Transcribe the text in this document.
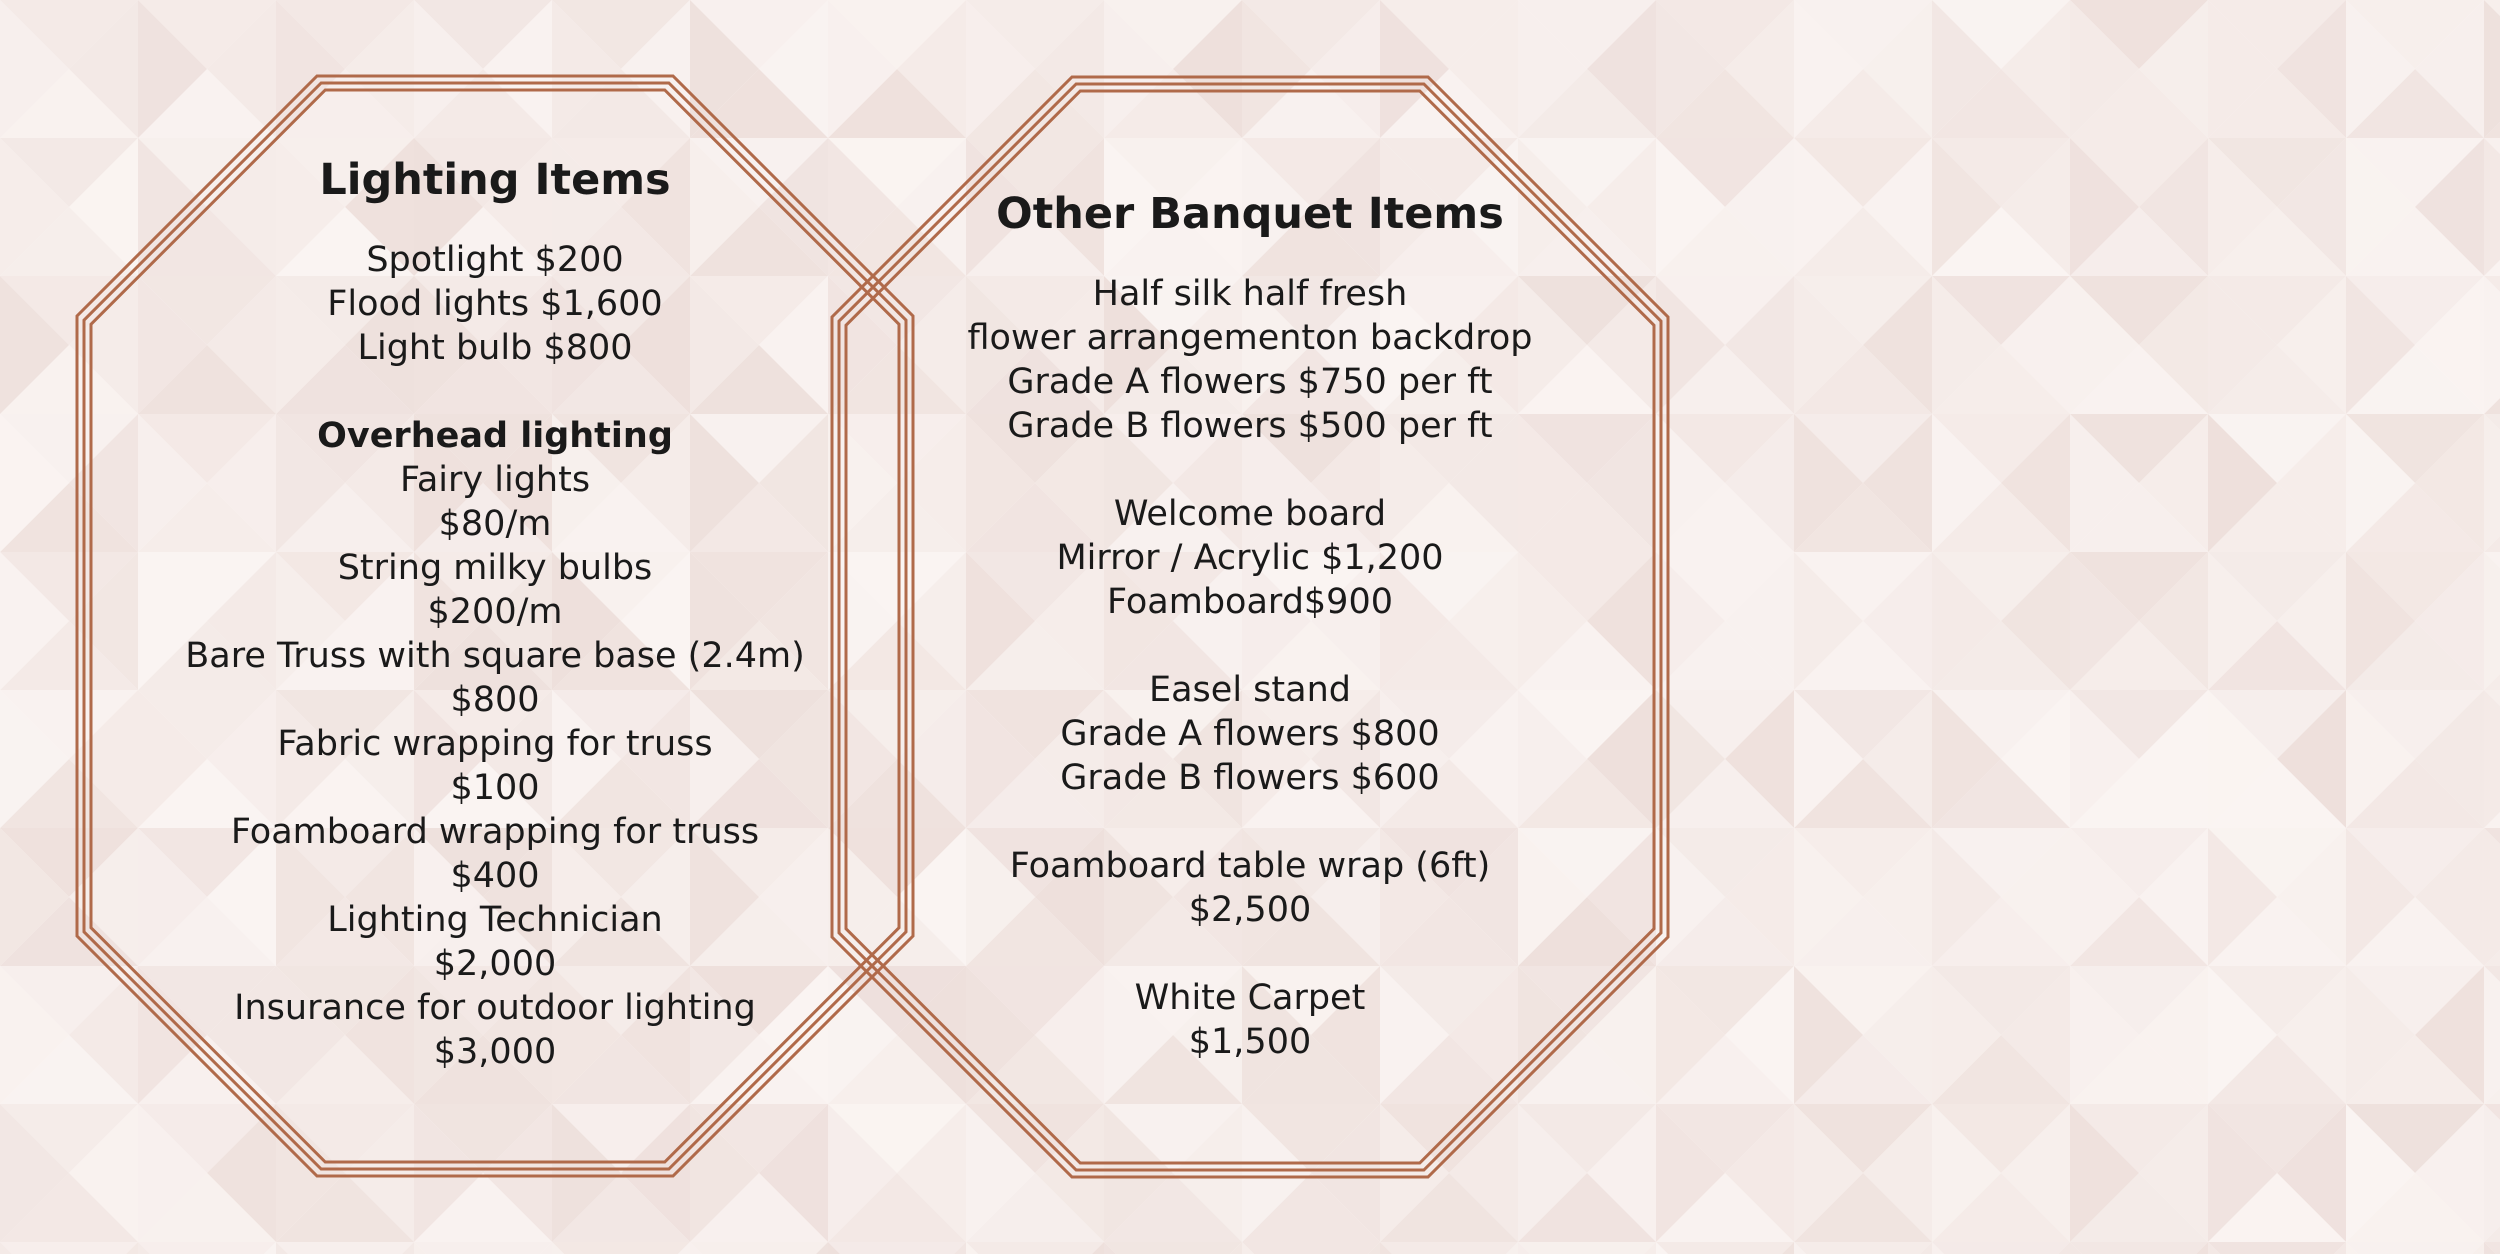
Lighting Items
Spotlight $200
Flood lights $1,600
Light bulb $800
Overhead lighting
Fairy lights
$80/m
String milky bulbs
$200/m
Bare Truss with square base (2.4m)
$800
Fabric wrapping for truss
$100
Foamboard wrapping for truss
$400
Lighting Technician
$2,000
Insurance for outdoor lighting
$3,000
Other Banquet Items
Half silk half fresh
flower arrangementon backdrop
Grade A flowers $750 per ft
Grade B flowers $500 per ft
Welcome board
Mirror / Acrylic $1,200
Foamboard$900
Easel stand
Grade A flowers $800
Grade B flowers $600
Foamboard table wrap (6ft)
$2,500
White Carpet
$1,500
